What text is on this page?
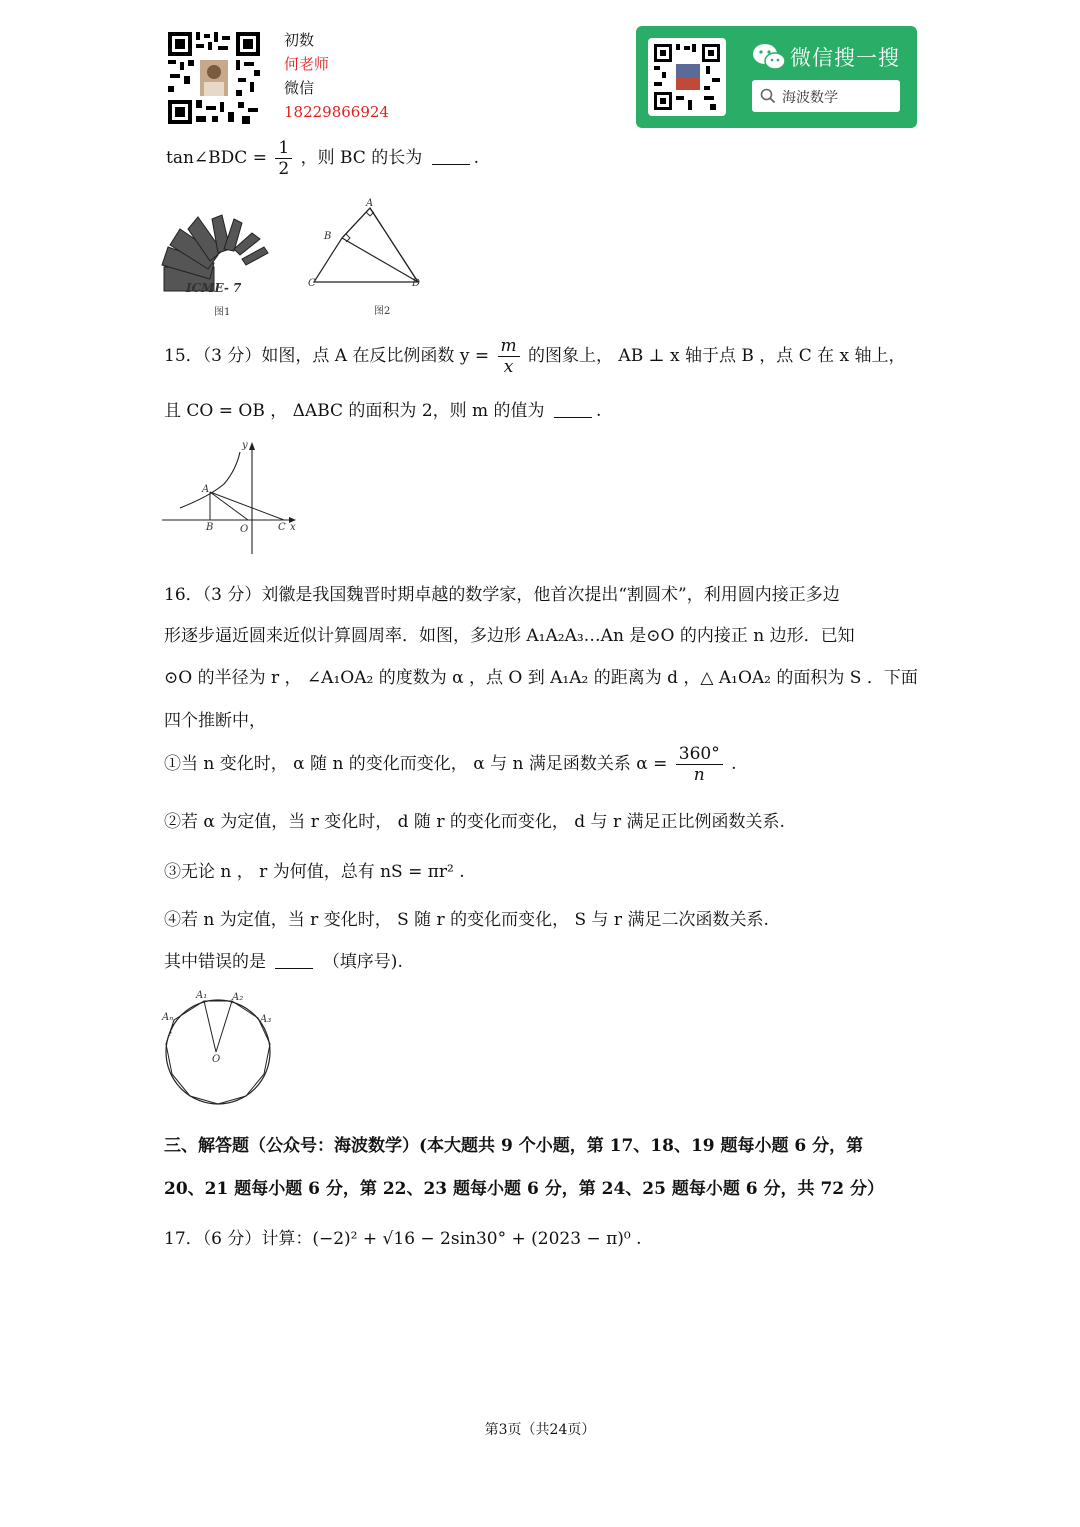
初数
何老师
微信
18229866924
微信搜一搜
海波数学
tan∠BDC = $\frac{1}{2}$ ，则 BC 的长为	.
ICME- 7
图1
A
B
C	D
图2
15．（3 分）如图，点 A 在反比例函数 $y = \frac{m}{x}$ 的图象上， AB ⊥ x 轴于点 B ，点 C 在 x 轴上，
且 CO = OB ， ΔABC 的面积为 2，则 m 的值为	.
y
A
B	O	C x
16．（3 分）刘徽是我国魏晋时期卓越的数学家，他首次提出“割圆术”，利用圆内接正多边
形逐步逼近圆来近似计算圆周率．如图，多边形 A₁A₂A₃…An 是⊙O 的内接正 n 边形．已知
⊙O 的半径为 r ， ∠A₁OA₂ 的度数为 α ，点 O 到 A₁A₂ 的距离为 d ，△ A₁OA₂ 的面积为 S ．下面
四个推断中，
①当 n 变化时， α 随 n 的变化而变化， α 与 n 满足函数关系 $\alpha = \frac{360^\circ}{n}$ .
②若 α 为定值，当 r 变化时， d 随 r 的变化而变化， d 与 r 满足正比例函数关系.
③无论 n ， r 为何值，总有 nS = πr² .
④若 n 为定值，当 r 变化时， S 随 r 的变化而变化， S 与 r 满足二次函数关系.
其中错误的是	（填序号).
A₁ A₂
A₃
Aₙ
O
三、解答题（公众号：海波数学）(本大题共 9 个小题，第 17、18、19 题每小题 6 分，第
20、21 题每小题 6 分，第 22、23 题每小题 6 分，第 24、25 题每小题 6 分，共 72 分）
17．（6 分）计算：(−2)² + √16 − 2sin30° + (2023 − π)⁰ .
第3页（共24页）
